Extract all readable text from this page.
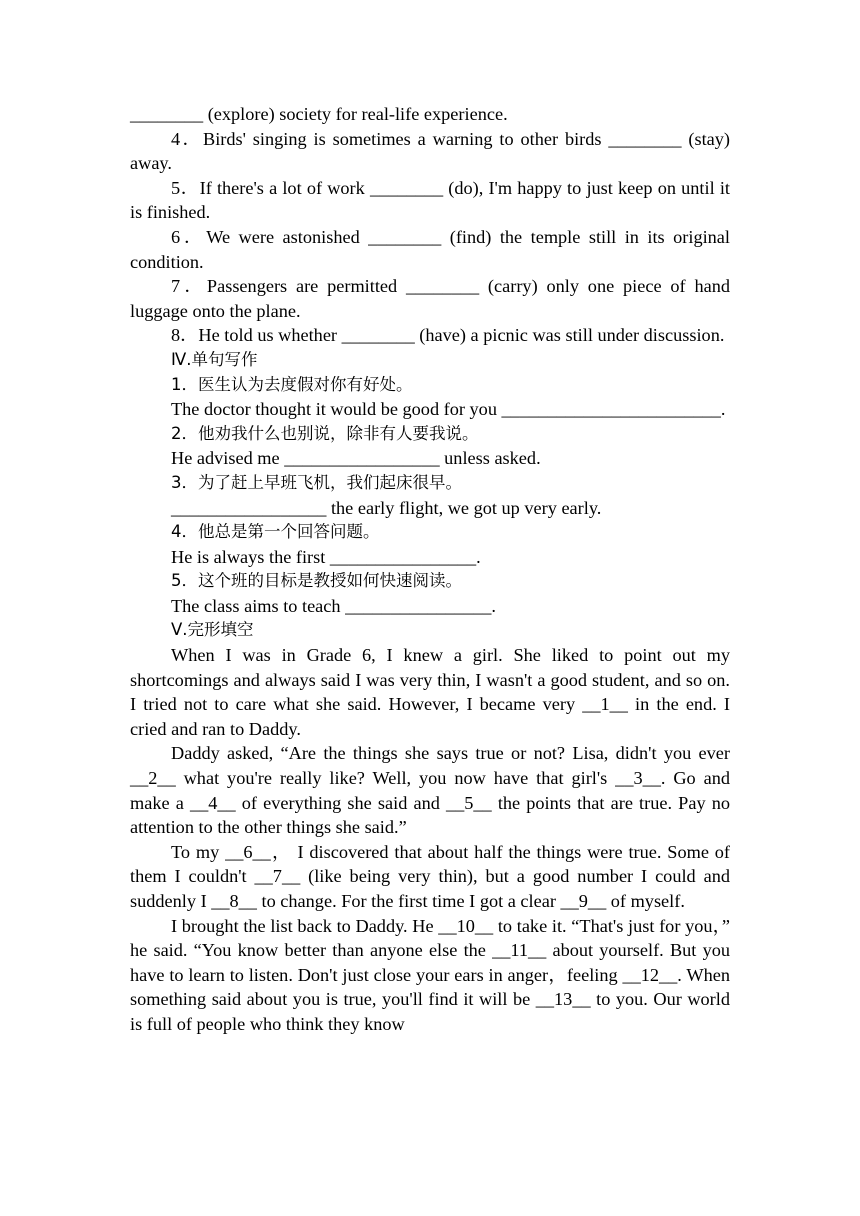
________ (explore) society for real-life experience.

4．Birds' singing is sometimes a warning to other birds ________ (stay) away.

5．If there's a lot of work ________ (do), I'm happy to just keep on until it is finished.

6．We were astonished ________ (find) the temple still in its original condition.

7．Passengers are permitted ________ (carry) only one piece of hand luggage onto the plane.

8．He told us whether ________ (have) a picnic was still under discussion.

Ⅳ.单句写作

1．医生认为去度假对你有好处。

The doctor thought it would be good for you ________________________.

2．他劝我什么也别说，除非有人要我说。

He advised me _________________ unless asked.

3．为了赶上早班飞机，我们起床很早。

_________________ the early flight, we got up very early.

4．他总是第一个回答问题。

He is always the first ________________.

5．这个班的目标是教授如何快速阅读。

The class aims to teach ________________.

Ⅴ.完形填空

When I was in Grade 6, I knew a girl. She liked to point out my shortcomings and always said I was very thin, I wasn't a good student, and so on. I tried not to care what she said. However, I became very __1__ in the end. I cried and ran to Daddy.

Daddy asked, “Are the things she says true or not? Lisa, didn't you ever __2__ what you're really like? Well, you now have that girl's __3__. Go and make a __4__ of everything she said and __5__ the points that are true. Pay no attention to the other things she said.”

To my __6__， I discovered that about half the things were true. Some of them I couldn't __7__ (like being very thin), but a good number I could and suddenly I __8__ to change. For the first time I got a clear __9__ of myself.

I brought the list back to Daddy. He __10__ to take it. “That's just for you，” he said. “You know better than anyone else the __11__ about yourself. But you have to learn to listen. Don't just close your ears in anger，feeling __12__. When something said about you is true, you'll find it will be __13__ to you. Our world is full of people who think they know
